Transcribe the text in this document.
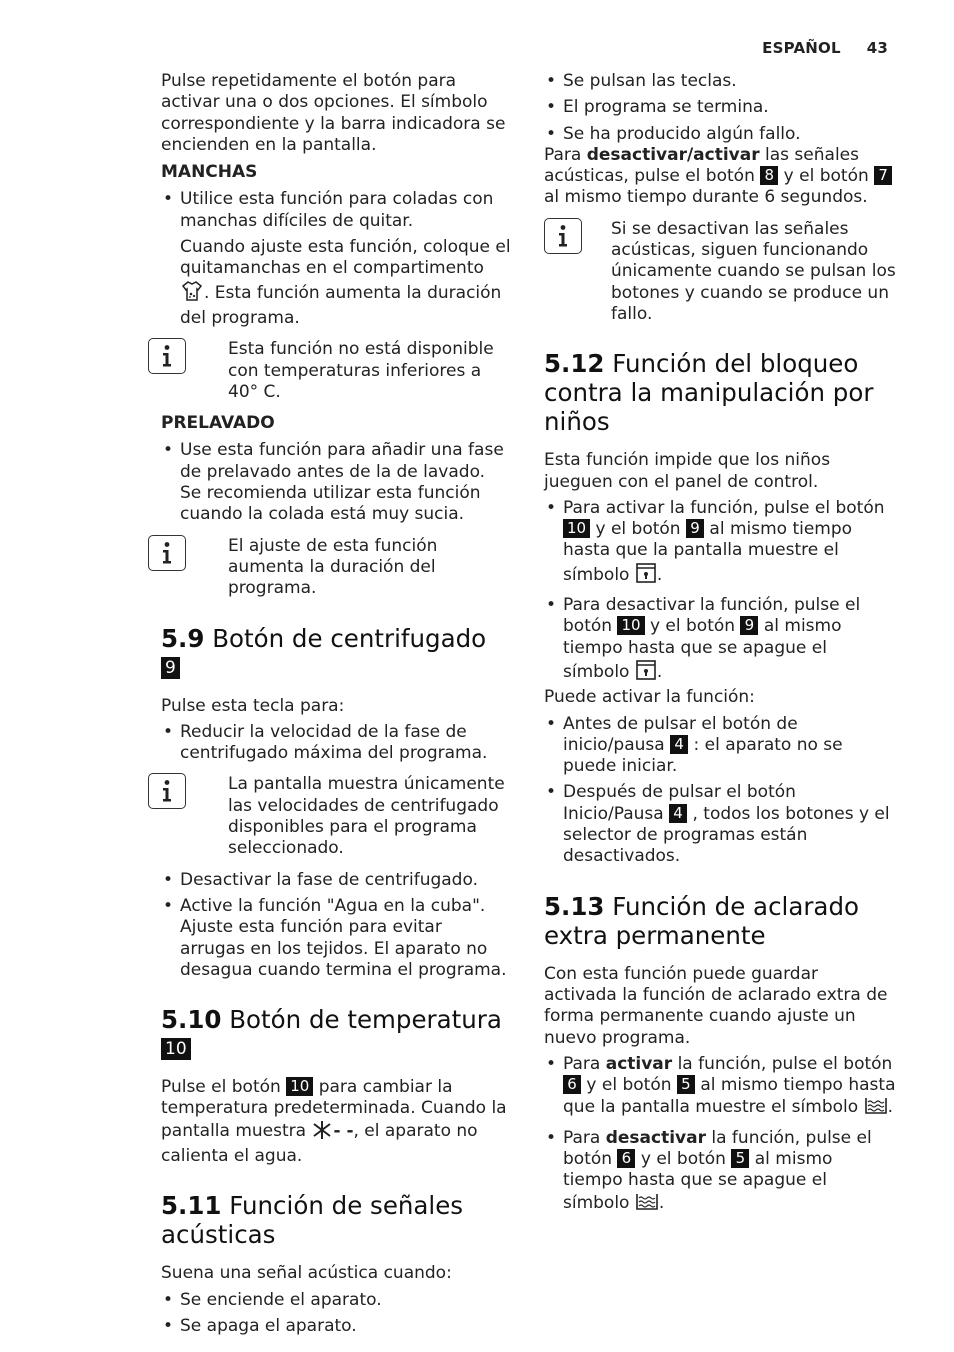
ESPAÑOL 43

Pulse repetidamente el botón para activar una o dos opciones. El símbolo correspondiente y la barra indicadora se encienden en la pantalla.

MANCHAS
• Utilice esta función para coladas con manchas difíciles de quitar.

Cuando ajuste esta función, coloque el quitamanchas en el compartimento . Esta función aumenta la duración del programa.

Esta función no está disponible con temperaturas inferiores a 40° C.
PRELAVADO
• Use esta función para añadir una fase de prelavado antes de la de lavado. Se recomienda utilizar esta función cuando la colada está muy sucia.
El ajuste de esta función aumenta la duración del programa.
5.9 Botón de centrifugado 9

Pulse esta tecla para:

• Reducir la velocidad de la fase de centrifugado máxima del programa.
La pantalla muestra únicamente las velocidades de centrifugado disponibles para el programa seleccionado.
• Desactivar la fase de centrifugado.
• Active la función "Agua en la cuba". Ajuste esta función para evitar arrugas en los tejidos. El aparato no desagua cuando termina el programa.
5.10 Botón de temperatura 10

Pulse el botón 10 para cambiar la temperatura predeterminada. Cuando la pantalla muestra - -, el aparato no calienta el agua.

5.11 Función de señales acústicas

Suena una señal acústica cuando:

• Se enciende el aparato.
• Se apaga el aparato.
• Se pulsan las teclas.
• El programa se termina.
• Se ha producido algún fallo.

Para desactivar/activar las señales acústicas, pulse el botón 8 y el botón 7 al mismo tiempo durante 6 segundos.

Si se desactivan las señales acústicas, siguen funcionando únicamente cuando se pulsan los botones y cuando se produce un fallo.
5.12 Función del bloqueo contra la manipulación por niños

Esta función impide que los niños jueguen con el panel de control.

• Para activar la función, pulse el botón 10 y el botón 9 al mismo tiempo hasta que la pantalla muestre el símbolo .
• Para desactivar la función, pulse el botón 10 y el botón 9 al mismo tiempo hasta que se apague el símbolo .

Puede activar la función:

• Antes de pulsar el botón de inicio/pausa 4 : el aparato no se puede iniciar.
• Después de pulsar el botón Inicio/Pausa 4 , todos los botones y el selector de programas están desactivados.
5.13 Función de aclarado extra permanente

Con esta función puede guardar activada la función de aclarado extra de forma permanente cuando ajuste un nuevo programa.

• Para activar la función, pulse el botón 6 y el botón 5 al mismo tiempo hasta que la pantalla muestre el símbolo .
• Para desactivar la función, pulse el botón 6 y el botón 5 al mismo tiempo hasta que se apague el símbolo .
